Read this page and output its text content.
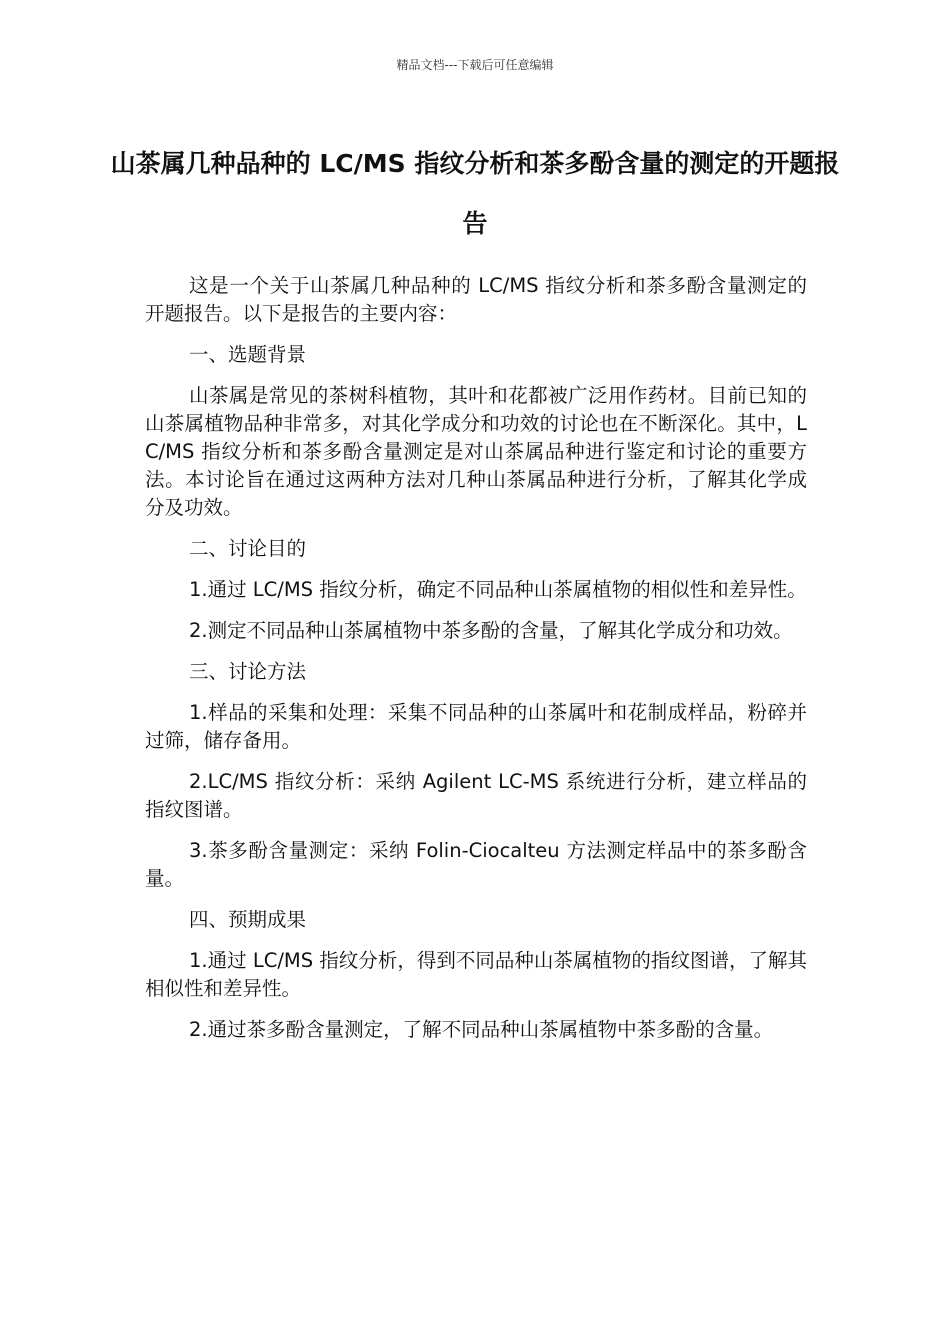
精品文档---下载后可任意编辑
山茶属几种品种的 LC/MS 指纹分析和茶多酚含量的测定的开题报告

这是一个关于山茶属几种品种的 LC/MS 指纹分析和茶多酚含量测定的开题报告。以下是报告的主要内容：

一、选题背景

山茶属是常见的茶树科植物，其叶和花都被广泛用作药材。目前已知的山茶属植物品种非常多，对其化学成分和功效的讨论也在不断深化。其中，LC/MS 指纹分析和茶多酚含量测定是对山茶属品种进行鉴定和讨论的重要方法。本讨论旨在通过这两种方法对几种山茶属品种进行分析，了解其化学成分及功效。

二、讨论目的

1.通过 LC/MS 指纹分析，确定不同品种山茶属植物的相似性和差异性。

2.测定不同品种山茶属植物中茶多酚的含量，了解其化学成分和功效。

三、讨论方法

1.样品的采集和处理：采集不同品种的山茶属叶和花制成样品，粉碎并过筛，储存备用。

2.LC/MS 指纹分析：采纳 Agilent LC-MS 系统进行分析，建立样品的指纹图谱。

3.茶多酚含量测定：采纳 Folin-Ciocalteu 方法测定样品中的茶多酚含量。

四、预期成果

1.通过 LC/MS 指纹分析，得到不同品种山茶属植物的指纹图谱，了解其相似性和差异性。

2.通过茶多酚含量测定，了解不同品种山茶属植物中茶多酚的含量。
